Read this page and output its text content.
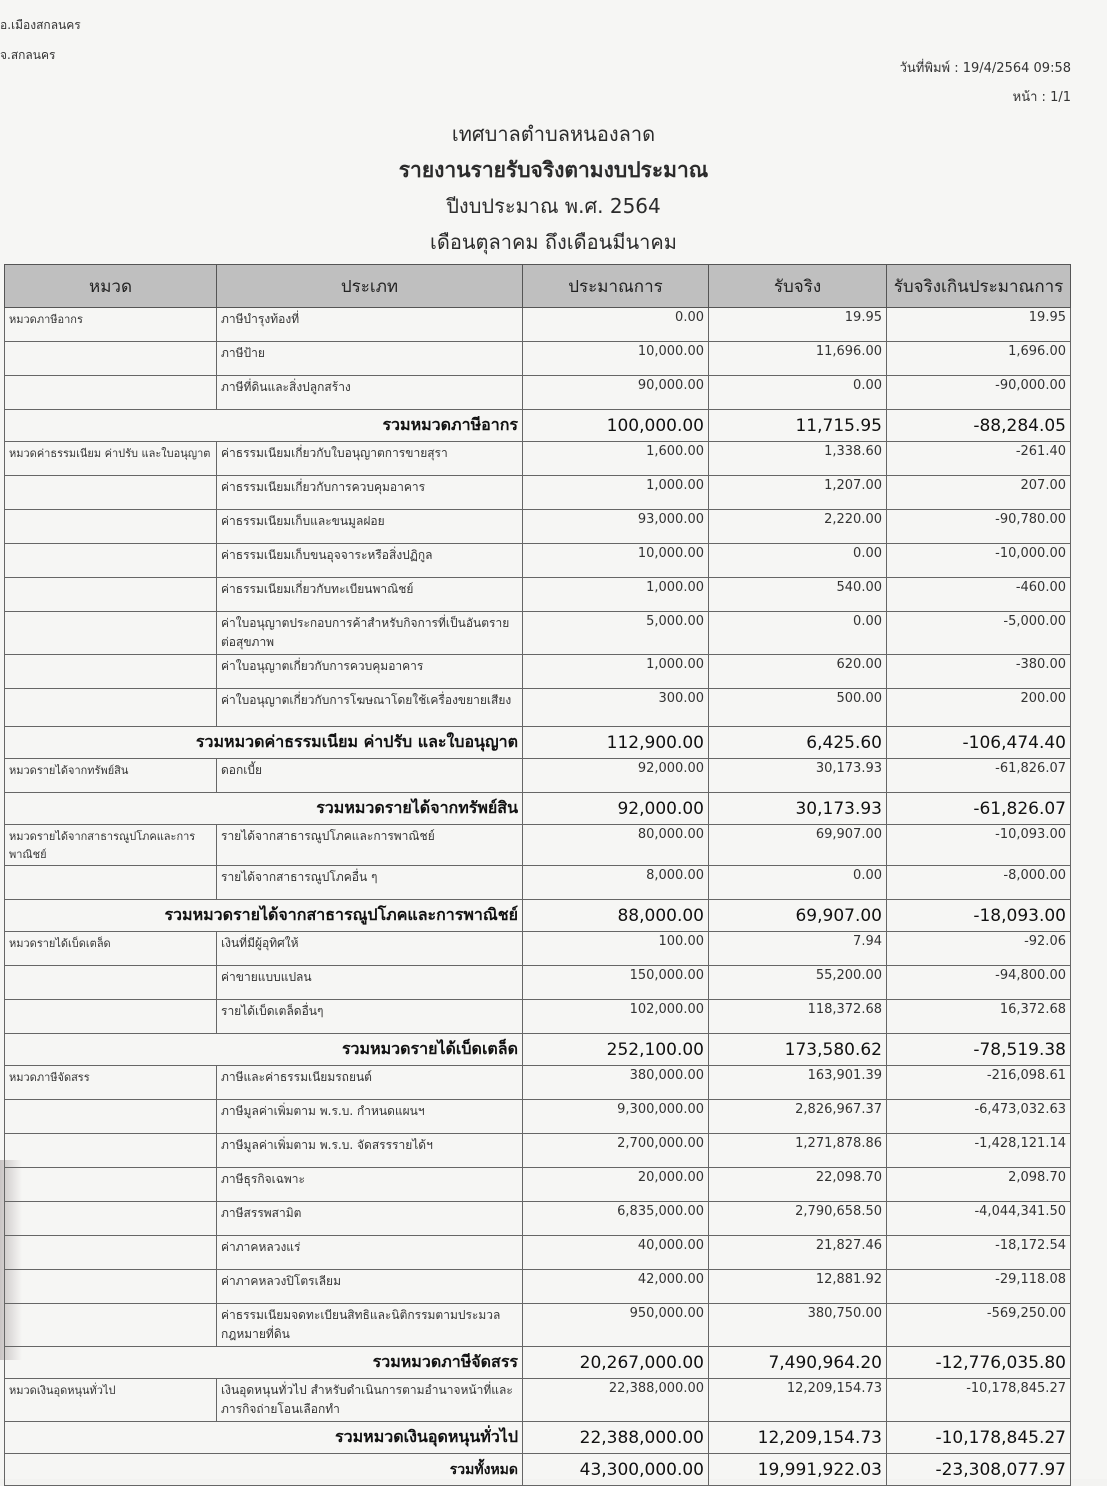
อ.เมืองสกลนคร
จ.สกลนคร
วันที่พิมพ์ : 19/4/2564 09:58
หน้า : 1/1
เทศบาลตำบลหนองลาด
รายงานรายรับจริงตามงบประมาณ
ปีงบประมาณ พ.ศ. 2564
เดือนตุลาคม ถึงเดือนมีนาคม
หมวด	ประเภท	ประมาณการ	รับจริง	รับจริงเกินประมาณการ
หมวดภาษีอากร	ภาษีบำรุงท้องที่	0.00	19.95	19.95
	ภาษีป้าย	10,000.00	11,696.00	1,696.00
	ภาษีที่ดินและสิ่งปลูกสร้าง	90,000.00	0.00	-90,000.00
รวมหมวดภาษีอากร		100,000.00	11,715.95	-88,284.05
หมวดค่าธรรมเนียม ค่าปรับ และใบอนุญาต	ค่าธรรมเนียมเกี่ยวกับใบอนุญาตการขายสุรา	1,600.00	1,338.60	-261.40
	ค่าธรรมเนียมเกี่ยวกับการควบคุมอาคาร	1,000.00	1,207.00	207.00
	ค่าธรรมเนียมเก็บและขนมูลฝอย	93,000.00	2,220.00	-90,780.00
	ค่าธรรมเนียมเก็บขนอุจจาระหรือสิ่งปฏิกูล	10,000.00	0.00	-10,000.00
	ค่าธรรมเนียมเกี่ยวกับทะเบียนพาณิชย์	1,000.00	540.00	-460.00
	ค่าใบอนุญาตประกอบการค้าสำหรับกิจการที่เป็นอันตรายต่อสุขภาพ	5,000.00	0.00	-5,000.00
	ค่าใบอนุญาตเกี่ยวกับการควบคุมอาคาร	1,000.00	620.00	-380.00
	ค่าใบอนุญาตเกี่ยวกับการโฆษณาโดยใช้เครื่องขยายเสียง	300.00	500.00	200.00
รวมหมวดค่าธรรมเนียม ค่าปรับ และใบอนุญาต		112,900.00	6,425.60	-106,474.40
หมวดรายได้จากทรัพย์สิน	ดอกเบี้ย	92,000.00	30,173.93	-61,826.07
รวมหมวดรายได้จากทรัพย์สิน		92,000.00	30,173.93	-61,826.07
หมวดรายได้จากสาธารณูปโภคและการพาณิชย์	รายได้จากสาธารณูปโภคและการพาณิชย์	80,000.00	69,907.00	-10,093.00
	รายได้จากสาธารณูปโภคอื่น ๆ	8,000.00	0.00	-8,000.00
รวมหมวดรายได้จากสาธารณูปโภคและการพาณิชย์		88,000.00	69,907.00	-18,093.00
หมวดรายได้เบ็ดเตล็ด	เงินที่มีผู้อุทิศให้	100.00	7.94	-92.06
	ค่าขายแบบแปลน	150,000.00	55,200.00	-94,800.00
	รายได้เบ็ดเตล็ดอื่นๆ	102,000.00	118,372.68	16,372.68
รวมหมวดรายได้เบ็ดเตล็ด		252,100.00	173,580.62	-78,519.38
หมวดภาษีจัดสรร	ภาษีและค่าธรรมเนียมรถยนต์	380,000.00	163,901.39	-216,098.61
	ภาษีมูลค่าเพิ่มตาม พ.ร.บ. กำหนดแผนฯ	9,300,000.00	2,826,967.37	-6,473,032.63
	ภาษีมูลค่าเพิ่มตาม พ.ร.บ. จัดสรรรายได้ฯ	2,700,000.00	1,271,878.86	-1,428,121.14
	ภาษีธุรกิจเฉพาะ	20,000.00	22,098.70	2,098.70
	ภาษีสรรพสามิต	6,835,000.00	2,790,658.50	-4,044,341.50
	ค่าภาคหลวงแร่	40,000.00	21,827.46	-18,172.54
	ค่าภาคหลวงปิโตรเลียม	42,000.00	12,881.92	-29,118.08
	ค่าธรรมเนียมจดทะเบียนสิทธิและนิติกรรมตามประมวลกฎหมายที่ดิน	950,000.00	380,750.00	-569,250.00
รวมหมวดภาษีจัดสรร		20,267,000.00	7,490,964.20	-12,776,035.80
หมวดเงินอุดหนุนทั่วไป	เงินอุดหนุนทั่วไป สำหรับดำเนินการตามอำนาจหน้าที่และภารกิจถ่ายโอนเลือกทำ	22,388,000.00	12,209,154.73	-10,178,845.27
รวมหมวดเงินอุดหนุนทั่วไป		22,388,000.00	12,209,154.73	-10,178,845.27
รวมทั้งหมด		43,300,000.00	19,991,922.03	-23,308,077.97
